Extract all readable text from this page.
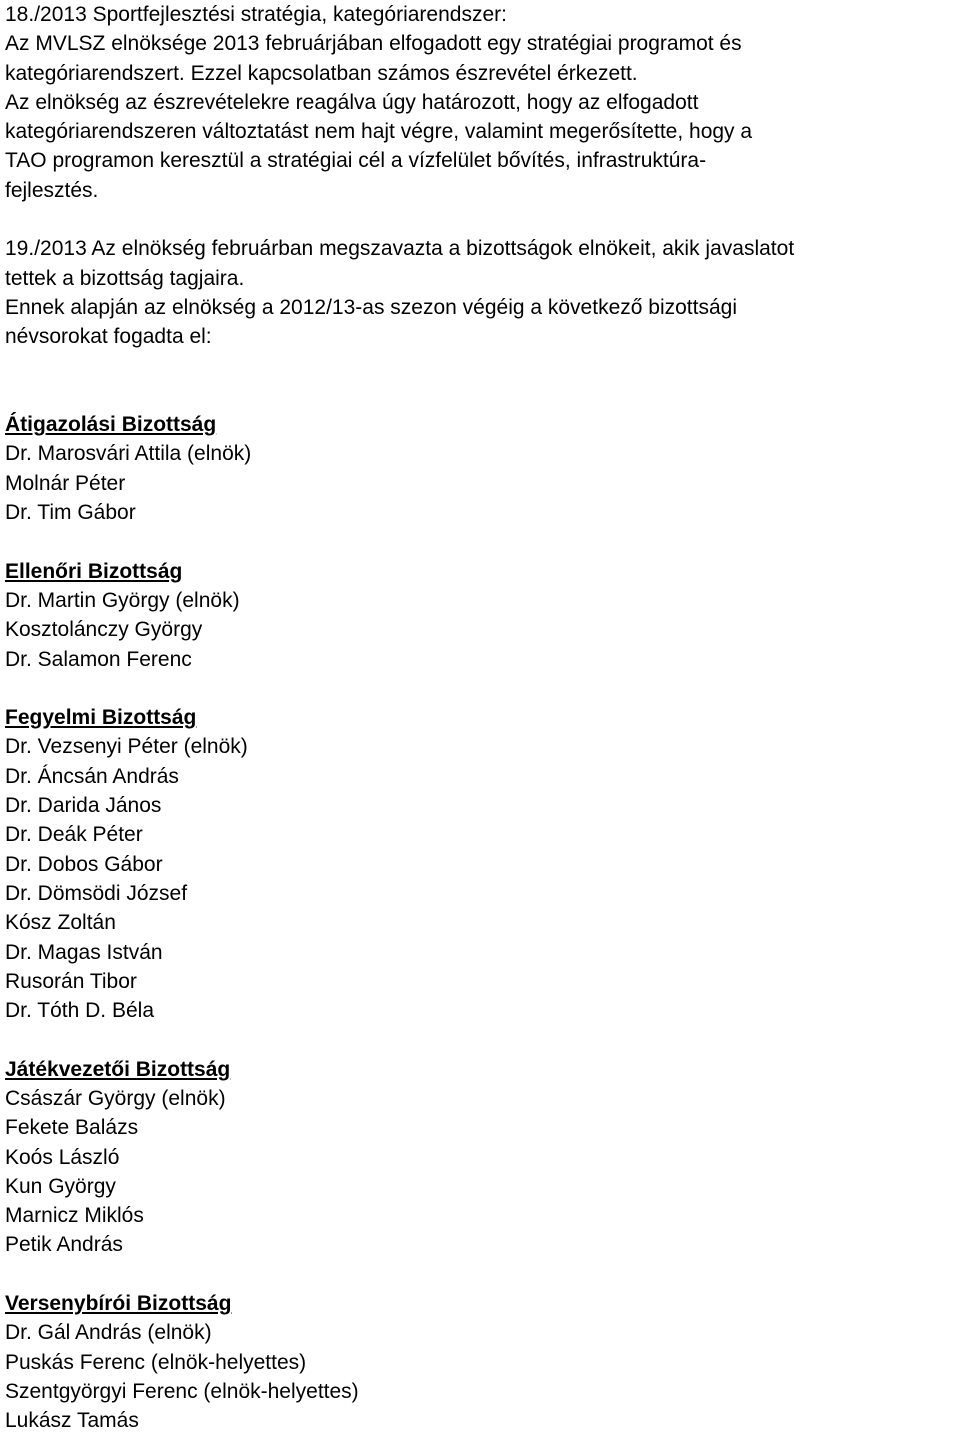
18./2013 Sportfejlesztési stratégia, kategóriarendszer:
Az MVLSZ elnöksége 2013 februárjában elfogadott egy stratégiai programot és
kategóriarendszert. Ezzel kapcsolatban számos észrevétel érkezett.
Az elnökség az észrevételekre reagálva úgy határozott, hogy az elfogadott
kategóriarendszeren változtatást nem hajt végre, valamint megerősítette, hogy a
TAO programon keresztül a stratégiai cél a vízfelület bővítés, infrastruktúra-
fejlesztés.
19./2013 Az elnökség februárban megszavazta a bizottságok elnökeit, akik javaslatot
tettek a bizottság tagjaira.
Ennek alapján az elnökség a 2012/13-as szezon végéig a következő bizottsági
névsorokat fogadta el:
Átigazolási Bizottság
Dr. Marosvári Attila (elnök)
Molnár Péter
Dr. Tim Gábor
Ellenőri Bizottság
Dr. Martin György (elnök)
Kosztolánczy György
Dr. Salamon Ferenc
Fegyelmi Bizottság
Dr. Vezsenyi Péter (elnök)
Dr. Áncsán András
Dr. Darida János
Dr. Deák Péter
Dr. Dobos Gábor
Dr. Dömsödi József
Kósz Zoltán
Dr. Magas István
Rusorán Tibor
Dr. Tóth D. Béla
Játékvezetői Bizottság
Császár György (elnök)
Fekete Balázs
Koós László
Kun György
Marnicz Miklós
Petik András
Versenybírói Bizottság
Dr. Gál András (elnök)
Puskás Ferenc (elnök-helyettes)
Szentgyörgyi Ferenc (elnök-helyettes)
Lukász Tamás
